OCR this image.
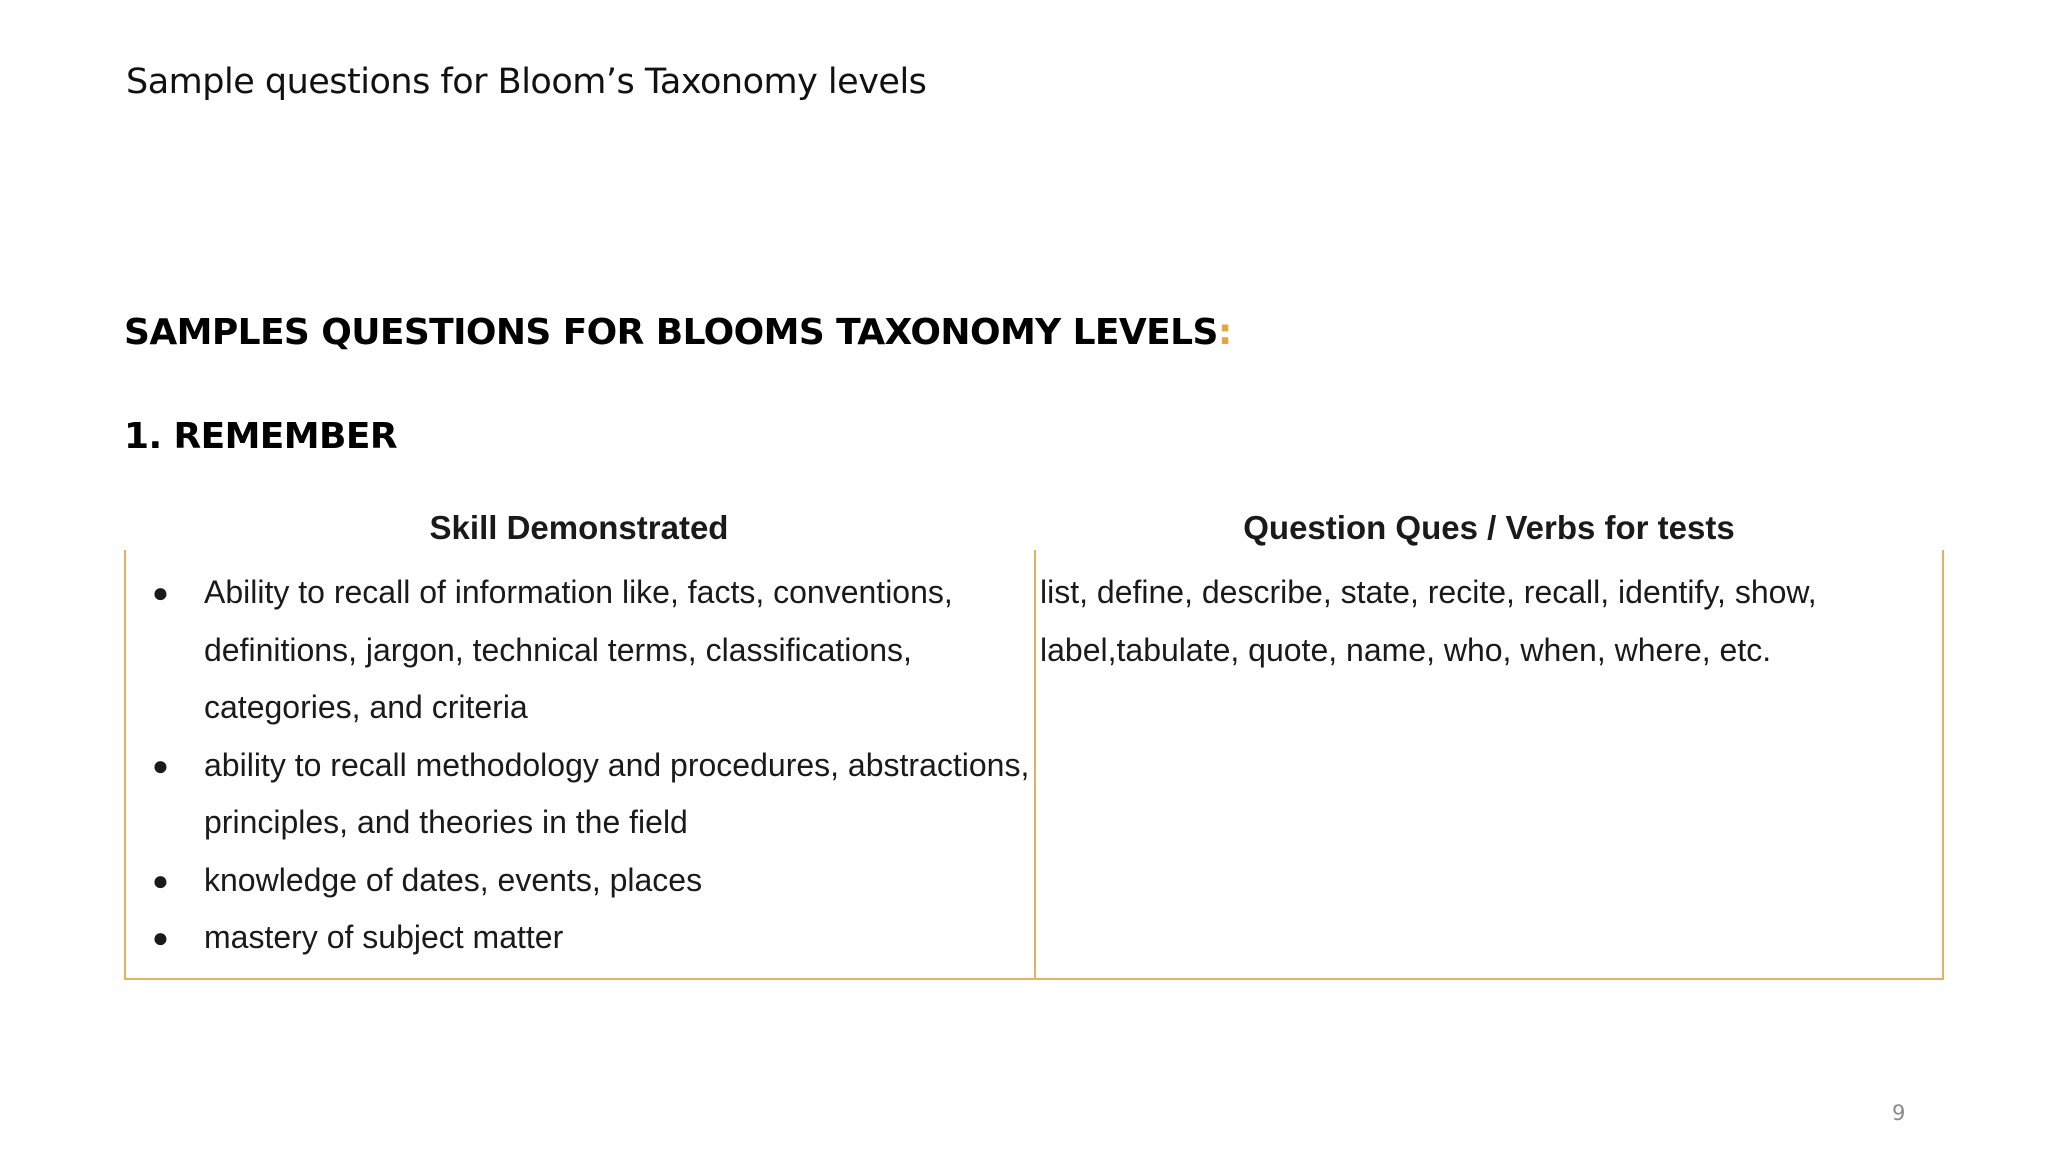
Sample questions for Bloom’s Taxonomy levels
SAMPLES QUESTIONS FOR BLOOMS TAXONOMY LEVELS:
1. REMEMBER
Skill Demonstrated	Question Ques / Verbs for tests
● Ability to recall of information like, facts, conventions, definitions, jargon, technical terms, classifications, categories, and criteria
● ability to recall methodology and procedures, abstractions, principles, and theories in the field
● knowledge of dates, events, places
● mastery of subject matter
list, define, describe, state, recite, recall, identify, show, label,tabulate, quote, name, who, when, where, etc.
9
